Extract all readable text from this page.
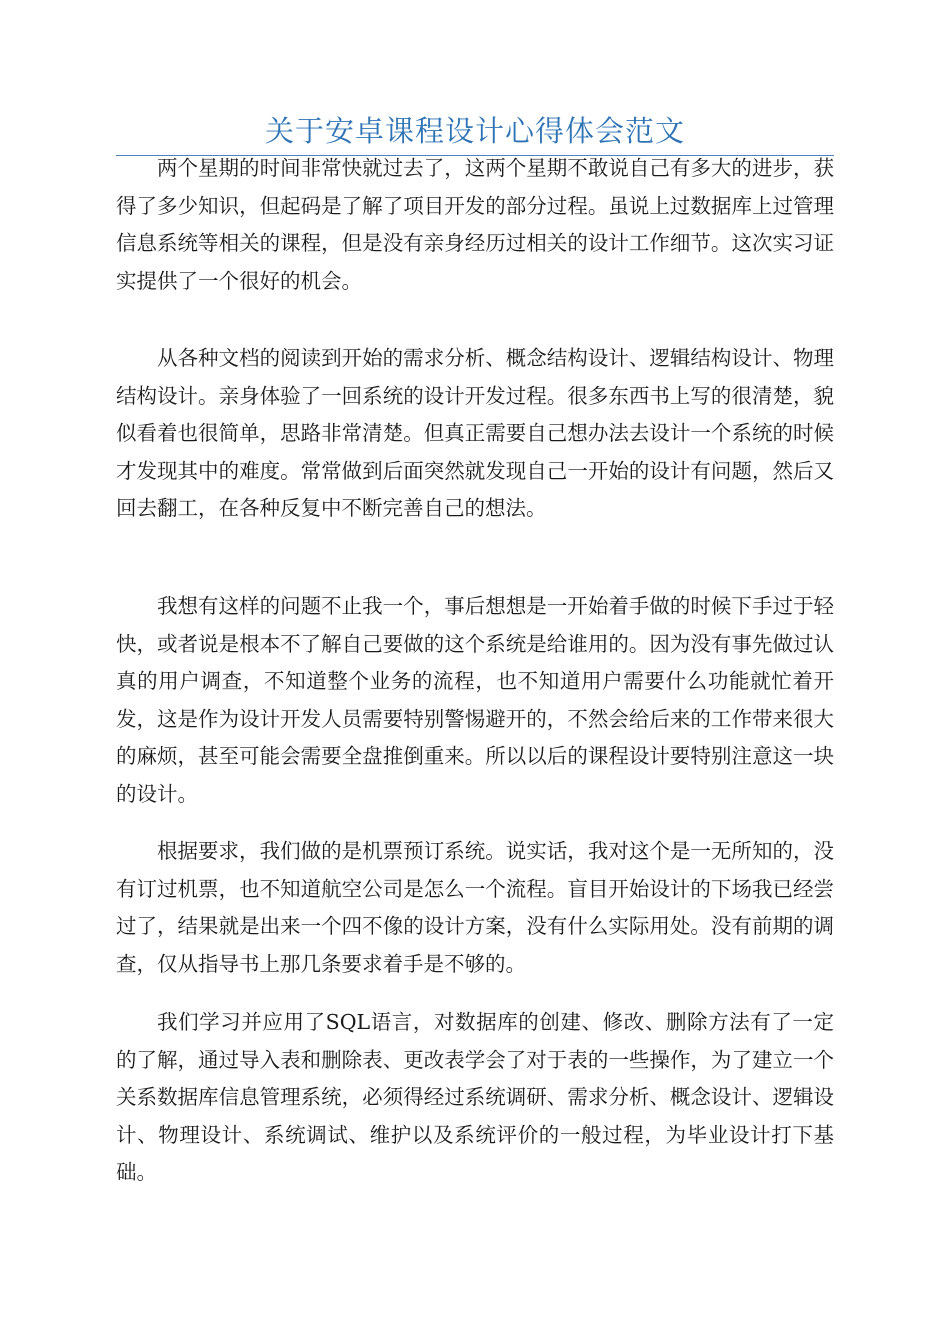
关于安卓课程设计心得体会范文

两个星期的时间非常快就过去了，这两个星期不敢说自己有多大的进步，获得了多少知识，但起码是了解了项目开发的部分过程。虽说上过数据库上过管理信息系统等相关的课程，但是没有亲身经历过相关的设计工作细节。这次实习证实提供了一个很好的机会。

从各种文档的阅读到开始的需求分析、概念结构设计、逻辑结构设计、物理结构设计。亲身体验了一回系统的设计开发过程。很多东西书上写的很清楚，貌似看着也很简单，思路非常清楚。但真正需要自己想办法去设计一个系统的时候才发现其中的难度。常常做到后面突然就发现自己一开始的设计有问题，然后又回去翻工，在各种反复中不断完善自己的想法。

我想有这样的问题不止我一个，事后想想是一开始着手做的时候下手过于轻快，或者说是根本不了解自己要做的这个系统是给谁用的。因为没有事先做过认真的用户调查，不知道整个业务的流程，也不知道用户需要什么功能就忙着开发，这是作为设计开发人员需要特别警惕避开的，不然会给后来的工作带来很大的麻烦，甚至可能会需要全盘推倒重来。所以以后的课程设计要特别注意这一块的设计。

根据要求，我们做的是机票预订系统。说实话，我对这个是一无所知的，没有订过机票，也不知道航空公司是怎么一个流程。盲目开始设计的下场我已经尝过了，结果就是出来一个四不像的设计方案，没有什么实际用处。没有前期的调查，仅从指导书上那几条要求着手是不够的。

我们学习并应用了SQL语言，对数据库的创建、修改、删除方法有了一定的了解，通过导入表和删除表、更改表学会了对于表的一些操作，为了建立一个关系数据库信息管理系统，必须得经过系统调研、需求分析、概念设计、逻辑设计、物理设计、系统调试、维护以及系统评价的一般过程，为毕业设计打下基础。
